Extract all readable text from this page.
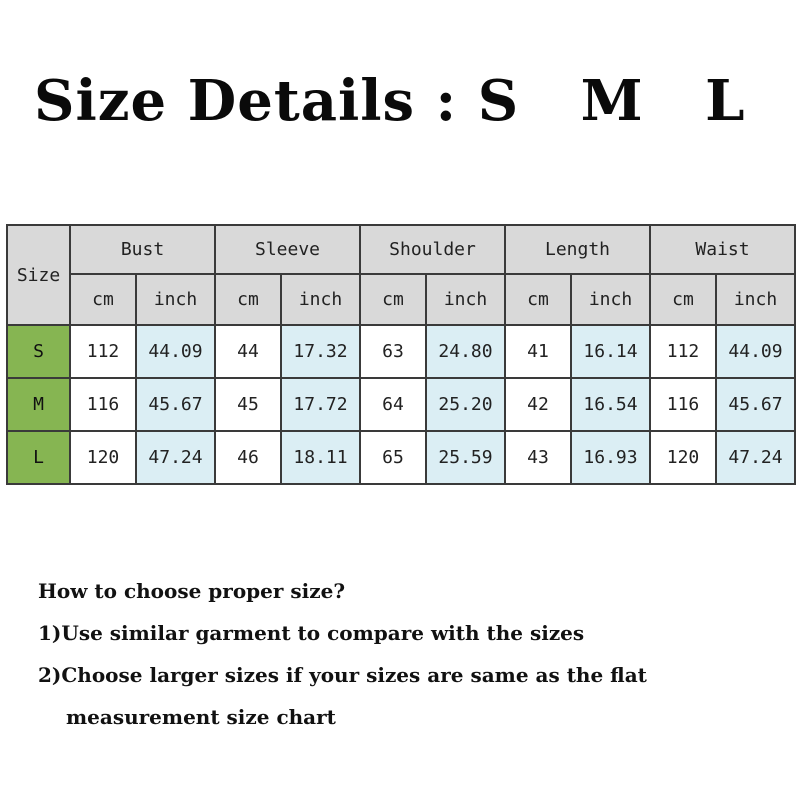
Size Details : S   M   L
Size	Bust		Sleeve		Shoulder		Length		Waist	
	cm	inch	cm	inch	cm	inch	cm	inch	cm	inch
S	112	44.09	44	17.32	63	24.80	41	16.14	112	44.09
M	116	45.67	45	17.72	64	25.20	42	16.54	116	45.67
L	120	47.24	46	18.11	65	25.59	43	16.93	120	47.24
How to choose proper size?
1)Use similar garment to compare with the sizes
2)Choose larger sizes if your sizes are same as the flat
measurement size chart
